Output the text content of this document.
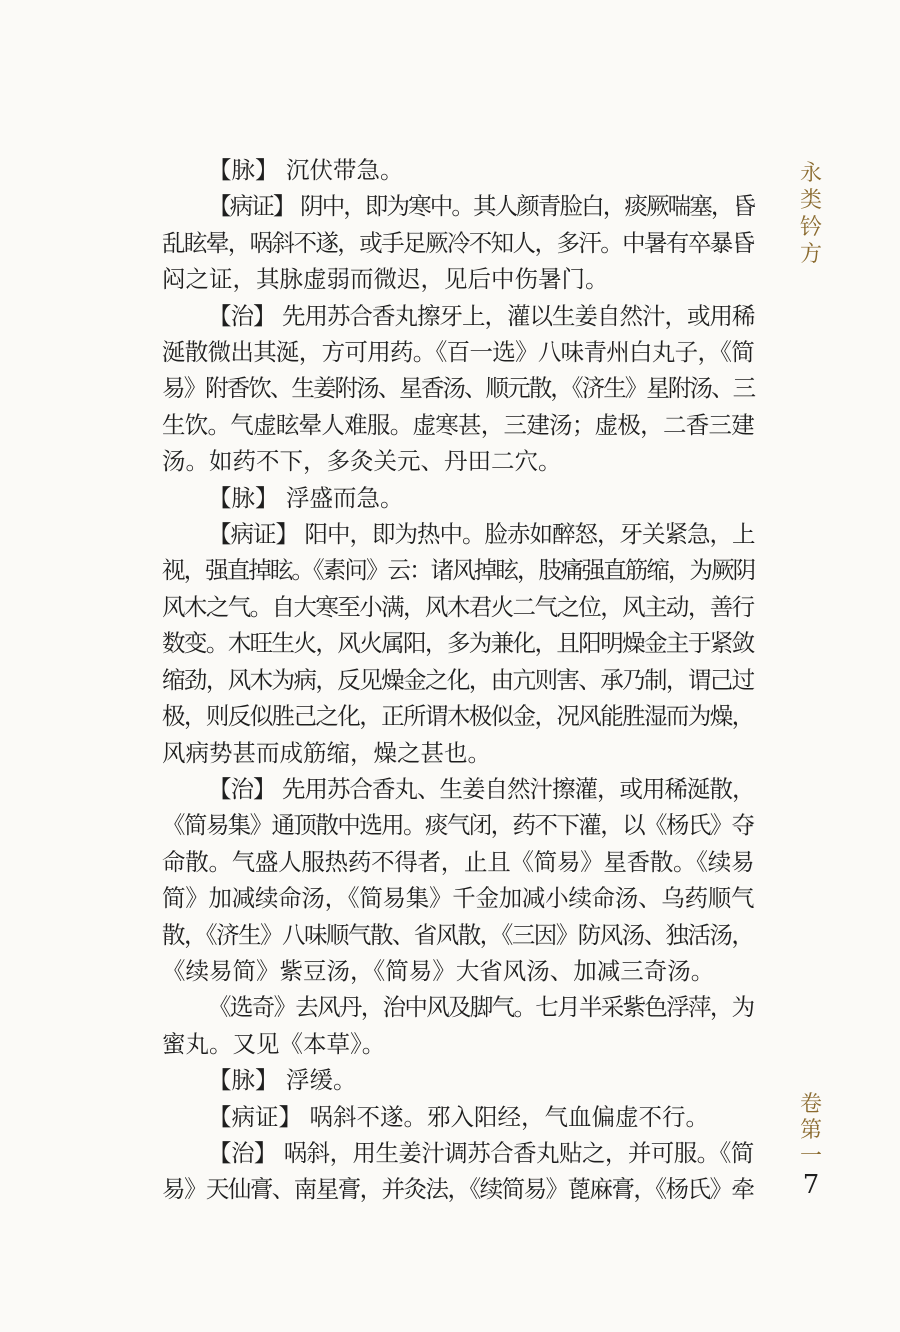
【脉】 沉伏带急。
【病证】 阴中，即为寒中。其人颜青脸白，痰厥喘塞，昏
乱眩晕，㖞斜不遂，或手足厥冷不知人，多汗。中暑有卒暴昏
闷之证，其脉虚弱而微迟，见后中伤暑门。
【治】 先用苏合香丸擦牙上，灌以生姜自然汁，或用稀
涎散微出其涎，方可用药。《百一选》八味青州白丸子，《简
易》附香饮、生姜附汤、星香汤、顺元散，《济生》星附汤、三
生饮。气虚眩晕人难服。虚寒甚，三建汤；虚极，二香三建
汤。如药不下，多灸关元、丹田二穴。
【脉】 浮盛而急。
【病证】 阳中，即为热中。脸赤如醉怒，牙关紧急，上
视，强直掉眩。《素问》云：诸风掉眩，肢痛强直筋缩，为厥阴
风木之气。自大寒至小满，风木君火二气之位，风主动，善行
数变。木旺生火，风火属阳，多为兼化，且阳明燥金主于紧敛
缩劲，风木为病，反见燥金之化，由亢则害、承乃制，谓己过
极，则反似胜己之化，正所谓木极似金，况风能胜湿而为燥，
风病势甚而成筋缩，燥之甚也。
【治】 先用苏合香丸、生姜自然汁擦灌，或用稀涎散，
《简易集》通顶散中选用。痰气闭，药不下灌，以《杨氏》夺
命散。气盛人服热药不得者，止且《简易》星香散。《续易
简》加减续命汤，《简易集》千金加减小续命汤、乌药顺气
散，《济生》八味顺气散、省风散，《三因》防风汤、独活汤，
《续易简》紫豆汤，《简易》大省风汤、加减三奇汤。
《选奇》去风丹，治中风及脚气。七月半采紫色浮萍，为
蜜丸。又见《本草》。
【脉】 浮缓。
【病证】 㖞斜不遂。邪入阳经，气血偏虚不行。
【治】 㖞斜，用生姜汁调苏合香丸贴之，并可服。《简
易》天仙膏、南星膏，并灸法，《续简易》蓖麻膏，《杨氏》牵
永
类
钤
方
卷
第
一
7
